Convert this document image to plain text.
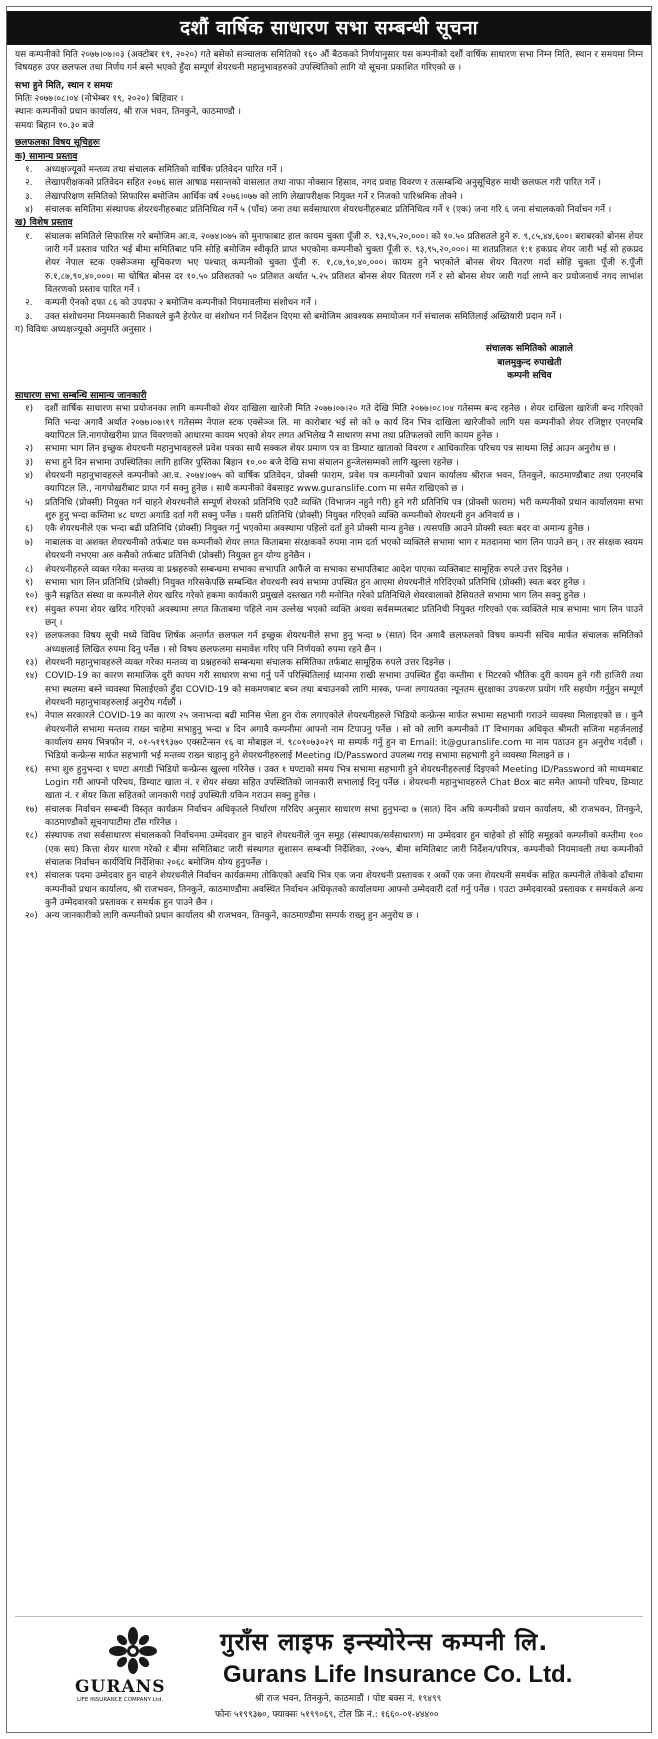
दशौं वार्षिक साधारण सभा सम्बन्धी सूचना

यस कम्पनीको मिति २०७७।०७।०३ (अक्टोबर १९, २०२०) गते बसेको सञ्चालक समितिको १६० औं बैठकको निर्णयानुसार यस कम्पनीको दशौं वार्षिक साधारण सभा निम्न मिति, स्थान र समयमा निम्न विषयहरु उपर छलफल तथा निर्णय गर्न बस्ने भएको हुँदा सम्पूर्ण शेयरधनी महानुभावहरुको उपस्थितिको लागि यो सूचना प्रकाशित गरिएको छ ।

सभा हुने मिति, स्थान र समयः
मितिः २०७७।०८।०४ (नोभेम्बर १९, २०२०) बिहिवार ।
स्थानः कम्पनीको प्रधान कार्यालय, श्री राज भवन, तिनकुने, काठमाण्डौ ।
समयः बिहान १०.३० बजे
छलफलका विषय सूचिहरुः
क) सामान्य प्रस्ताव
१.	अध्यक्षज्यूको मन्तव्य तथा संचालक समितिको वार्षिक प्रतिवेदन पारित गर्ने ।
२.	लेखापरीक्षकको प्रतिवेदन सहित २०७६ साल आषाढ मसान्तको वासलात तथा नाफा नोक्सान हिसाव, नगद प्रवाह विवरण र तत्सम्बन्धि अनुसूचिहरु माथी छलफल गरी पारित गर्ने ।
३.	लेखापरिक्षण समितिको सिफारिस बमोजिम आर्थिक वर्ष २०७६।०७७ को लागि लेखापरीक्षक नियुक्त गर्ने र निजको पारिश्रमिक तोक्ने ।
४)	संचालक समितिमा संस्थापक शेयरधनीहरुबाट प्रतिनिधित्व गर्ने ५ (पाँच) जना तथा सर्वसाधारण शेयरधनीहरुबाट प्रतिनिधित्व गर्ने १ (एक) जना गरि ६ जना संचालकको निर्वाचन गर्ने ।
ख) विशेष प्रस्ताव
१.	संचालक समितिले सिफारिस गरे बमोजिम आ.व. २०७४।०७५ को मुनाफाबाट हाल कायम चुक्ता पूँजी रु. ९३,९५,२०,०००। को १०.५० प्रतिशतले हुने रु. ९,८५,४४,६००। बराबरको बोनस शेयर जारी गर्ने प्रस्ताव पारित भई बीमा समितिबाट पनि सोहि बमोजिम स्वीकृति प्राप्त भएकोमा कम्पनीको चुक्ता पूँजी रु. ९३,९५,२०,०००। मा शतप्रतिशत १:१ हकप्रद शेयर जारी भई सो हकप्रद शेयर नेपाल स्टक एक्सेञ्जमा सूचिकरण भए पश्चात् कम्पनीको चुक्ता पूँजी रु. १,८७,९०,४०,०००। कायम हुने भएकोले बोनस शेयर वितरण गर्दा सोहि चुक्ता पूँजी रु.पूँजी रु.१,८७,९०,४०,०००। मा घोषित बोनस दर १०.५० प्रतिशतको ५० प्रतिशत अर्थात ५.२५ प्रतिशत बोनस शेयर वितरण गर्ने र सो बोनस शेयर जारी गर्दा लाग्ने कर प्रयोजनार्थ नगद लाभांश वितरणको प्रस्ताव पारित गर्ने ।
२.	कम्पनी ऐनको दफा ८६ को उपदफा २ बमोजिम कम्पनीको नियमावलीमा संशोधन गर्ने ।
३.	उक्त संशोधनमा नियमनकारी निकायले कुनै हेरफेर वा संशोधन गर्न निर्देशन दिएमा सो बमोजिम आवश्यक समायोजन गर्न संचालक समितिलाई अख्तियारी प्रदान गर्ने ।
ग) विविधः अध्यक्षज्यूको अनुमति अनुसार ।
संचालक समितिको आज्ञाले
बालमुकुन्द रुपाखेती
कम्पनी सचिव
साधारण सभा सम्बन्धि सामान्य जानकारी
१)	दशौं वार्षिक साधारण सभा प्रयोजनका लागि कम्पनीको शेयर दाखिला खारेजी मिति २०७७।०७।२० गते देखि मिति २०७७।०८।०४ गतेसम्म बन्द रहनेछ । शेयर दाखिला खारेजी बन्द गरिएको मिति भन्दा अगावै अर्थात २०७७।०७।१९ गतेसम्म नेपाल स्टक एक्सेञ्ज लि. मा कारोबार भई सो को ७ कार्य दिन भित्र दाखिला खारेजीको लागि यस कम्पनीको शेयर रजिष्ट्रार एनएमबि क्यापिटल लि.नागपोखरीमा प्राप्त विवरणको आधारमा कायम भएको शेयर लगत अभिलेख नै साधारण सभा तथा प्रतिफलको लागि कायम हुनेछ ।
२)	सभामा भाग लिन इच्छुक शेयरधनी महानुभावहरुले प्रवेश पत्रका साथै सक्कल शेयर प्रमाण पत्र वा डिम्याट खाताको विवरण र आधिकारिक परिचय पत्र साथमा लिई आउन अनुरोध छ ।
३)	सभा हुने दिन सभामा उपस्थितिका लागि हाजिर पुस्तिका बिहान १०.०० बजे देखि सभा संचालन हुन्जेलसम्मको लागि खुल्ला रहनेछ ।
४)	शेयरधनी महानुभावहरुले कम्पनीको आ.व. २०७४।०७५ को वार्षिक प्रतिवेदन, प्रोक्सी फाराम, प्रवेश पत्र कम्पनीको प्रधान कार्यालय श्रीराज भवन, तिनकुने, काठमाण्डौबाट तथा एनएमबि क्यापिटल लि., नागपोखरीबाट प्राप्त गर्न सक्नु हुनेछ । साथै कम्पनीको वेबसाइट www.guranslife.com मा समेत राखिएको छ ।
५)	प्रतिनिधि (प्रोक्सी) नियुक्त गर्न चाहने शेयरधनीले सम्पूर्ण शेयरको प्रतिनिधि एउटै व्यक्ति (विभाजन नहुने गरी) हुने गरी प्रतिनिधि पत्र (प्रोक्सी फाराम) भरी कम्पनीको प्रधान कार्यालयमा सभा शुरु हुनु भन्दा कम्तिमा ४८ घण्टा अगाडि दर्ता गरी सक्नु पर्नेछ । यसरी प्रतिनिधि (प्रोक्सी) नियुक्त गरिएको व्यक्ति कम्पनीको शेयरधनी हुन अनिवार्य छ ।
६)	एकै शेयरधनीले एक भन्दा बढी प्रतिनिधि (प्रोक्सी) नियुक्त गर्नु भएकोमा अवस्थामा पहिलो दर्ता हुने प्रोक्सी मान्य हुनेछ । त्यसपछि आउने प्रोक्सी स्वतः बदर वा अमान्य हुनेछ ।
७)	नाबालक वा अशक्त शेयरधनीको तर्फबाट यस कम्पनीको शेयर लगत किताबमा संरक्षकको रुपमा नाम दर्ता भएको व्यक्तिले सभामा भाग र मतदानमा भाग लिन पाउने छन् । तर संरक्षक स्वयम शेयरधनी नभएमा अरु कसैको तर्फबाट प्रतिनिधी (प्रोक्सी) नियुक्त हुन योग्य हुनेछैन ।
८)	शेयरधनीहरुले व्यक्त गरेका मन्तव्य वा प्रश्नहरुको सम्बन्धमा सभाका सभापति आफैंले वा सभाका सभापतिबाट आदेश पाएका व्यक्तिबाट सामूहिक रुपले उत्तर दिइनेछ ।
९)	सभामा भाग लिन प्रतिनिधि (प्रोक्सी) नियुक्त गरिसकेपछि सम्बन्धित शेयरधनी स्वयं सभामा उपस्थित हुन आएमा शेयरधनीले गरिदिएको प्रतिनिधि (प्रोक्सी) स्वतः बदर हुनेछ ।
१०) कुनै सङ्गठित संस्था वा कम्पनीले शेयर खरिद गरेको हकमा कार्यकारी प्रमुखले दस्तखत गरी मनोनित गरेको प्रतिनिधिले शेयरवालाको हैसियतले सभामा भाग लिन सक्नु हुनेछ ।
११) संयुक्त रुपमा शेयर खरिद गरिएको अवस्थामा लगत किताबमा पहिले नाम उल्लेख भएको व्यक्ति अथवा सर्वसम्मतबाट प्रतिनिधी नियुक्त गरिएको एक व्यक्तिले मात्र सभामा भाग लिन पाउने छन् ।
१२) छलफलका विषय सूची मध्ये विविध शिर्षक अन्तर्गत छलफल गर्न इच्छुक शेयरधनीले सभा हुनु भन्दा ७ (सात) दिन अगावै छलफलको विषय कम्पनी सचिव मार्फत संचालक समितिको अध्यक्षलाई लिखित रुपमा दिनु पर्नेछ । सो विषय छलफलमा समावेश गरिए पनि निर्णयको रुपमा रहने छैन ।
१३) शेयरधनी महानुभावहरुले व्यक्त गरेका मन्तव्य वा प्रश्नहरुको सम्बन्धमा संचालक समितिका तर्फबाट सामूहिक रुपले उत्तर दिइनेछ ।
१४) COVID-19 का कारण सामाजिक दुरी कायम गरी साधारण सभा गर्नु पर्ने परिस्थितिलाई ध्यानमा राखी सभामा उपस्थित हुँदा कम्तीमा १ मिटरको भौतिक दुरी कायम हुने गरी हाजिरी तथा सभा स्थलमा बस्ने व्यवस्था मिलाईएको हुँदा COVID-19 को सकमणबाट बच्न तथा बचाउनको लागि मास्क, पन्जा लगायतका न्यूनतम सुरक्षाका उपकरण प्रयोग गरि सहयोग गर्नुहुन सम्पूर्ण शेयरधनी महानुभावहरुलाई अनुरोध गर्दछौं ।
१५) नेपाल सरकारले COVID-19 का कारण २५ जनाभन्दा बढी मानिस भेला हुन रोक लगाएकोले शेयरधनीहरुले भिडियो कन्फ्रेन्स मार्फत सभामा सहभागी गराउने व्यवस्था मिलाइएको छ । कुनै शेयरधनीले सभामा मन्तव्य राख्न चाहेमा सभाहुनु भन्दा ४ दिन अगावै कम्पनीमा आफ्नो नाम टिपाउनु पर्नेछ । सो को लागि कम्पनीको IT विभागका अधिकृत श्रीमती सजिना महर्जनलाई कार्यालय समय भित्रफोन नं. ०१-५१९९३७० एक्सटेन्सन १६ वा मोबाइल नं. ९८०१०७३०२९ मा सम्पर्क गर्नु हुन वा Email: it@guranslife.com मा नाम पठाउन हुन अनुरोध गर्दछौं । भिडियो कन्फ्रेन्स मार्फत सहभागी भई मन्तव्य राख्न चाहानु हुने शेयरधनीहरुलाई Meeting ID/Password उपलब्ध गराइ सभामा सहभागी हुने व्यवस्था मिलाइने छ ।
१६) सभा शुरु हुनुभन्दा १ घण्टा अगाडी भिडियो कन्फ्रेन्स खुल्ला गरिनेछ । उक्त १ घण्टाको समय भित्र सभामा सहभागी हुने शेयरधनीहरुलाई दिइएको Meeting ID/Password को माध्यमबाट Login गरी आफ्नो परिचय, डिम्याट खाता नं. र शेयर संख्या सहित उपस्थितिको जानकारी सभालाई दिनु पर्नेछ । शेयरधनी महानुभावहरुले Chat Box बाट समेत आफ्नो परिचय, डिम्याट खाता नं. र शेयर किता सहितको जानकारी गराई उपस्थिती यकिन गराउन सक्नु हुनेछ ।
१७) संचालक निर्वाचन सम्बन्धी विस्तृत कार्यक्रम निर्वाचन अधिकृतले निर्धारण गरिदिए अनुसार साधारण सभा हुनुभन्दा ७ (सात) दिन अघि कम्पनीको प्रधान कार्यालय, श्री राजभवन, तिनकुने, काठमाण्डौको सूचनापाटीमा टाँस गरिनेछ ।
१८) संस्थापक तथा सर्वसाधारण संचालकको निर्वाचनमा उम्मेदवार हुन चाहने शेयरधनीले जुन समूह (संस्थापक/सर्वसाधारण) मा उम्मेदवार हुन चाहेको हो सोहि समूहको कम्पनीको कम्तीमा १०० (एक सय) कित्ता शेयर धारण गरेको र बीमा समितिबाट जारी संस्थागत सुशासन सम्बन्धी निर्देशिका, २०७५, बीमा समितिबाट जारी निर्देशन/परिपत्र, कम्पनीको नियमावली तथा कम्पनीको संचालक निर्वाचन कार्यविधि निर्देशिका २०६८ बमोजिम योग्य हुनुपर्नेछ ।
१९) संचालक पदमा उम्मेदवार हुन चाहने शेयरधनीले निर्वाचन कार्यक्रममा तोकिएको अवधि भित्र एक जना शेयरधनी प्रस्तावक र अर्को एक जना शेयरधनी समर्थक सहित कम्पनीले तोकेको ढाँचामा कम्पनीको प्रधान कार्यालय, श्री राजभवन, तिनकुने, काठमाण्डौमा अवस्थित निर्वाचन अधिकृतको कार्यालयमा आफ्नो उम्मेदवारी दर्ता गर्नु पर्नेछ । एउटा उम्मेदवारको प्रस्तावक र समर्थकले अन्य कुनै उम्मेदवारको प्रस्तावक र समर्थक हुन पाउने छैन ।
२०) अन्य जानकारीको लागि कम्पनीको प्रधान कार्यालय श्री राजभवन, तिनकुने, काठमाण्डौमा सम्पर्क राख्नु हुन अनुरोध छ ।
GURANS
LIFE INSURANCE COMPANY Ltd.
गुराँस लाइफ इन्स्योरेन्स कम्पनी लि.
Gurans Life Insurance Co. Ltd.
श्री राज भवन, तिनकुने, काठमाडौं । पोष्ट बक्स नं. १९४९९
फोनः ५१९९३७०, फ्याक्सः ५१९९०६९, टोल फ्रि नं.: १६६०-०१-४४४००
